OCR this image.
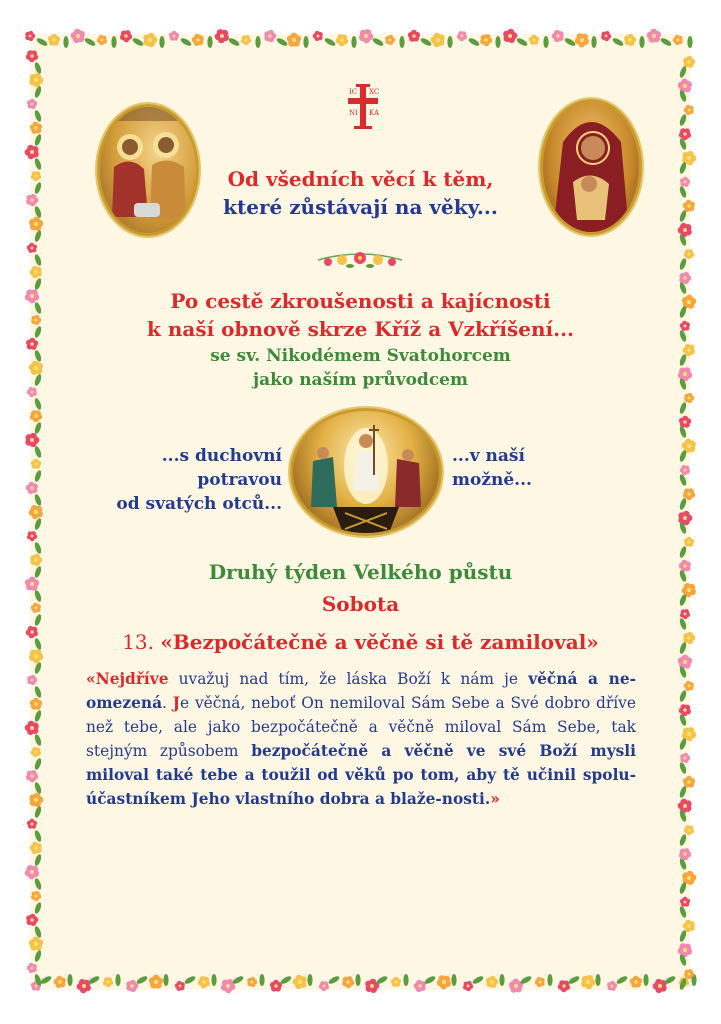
IC XC
NI KA
Od všedních věcí k těm,
které zůstávají na věky...
Po cestě zkroušenosti a kajícnosti
k naší obnově skrze Kříž a Vzkříšení...
se sv. Nikodémem Svatohorcem
jako naším průvodcem
...s duchovní
potravou
od svatých otců...
...v naší
možně...
Druhý týden Velkého půstu
Sobota
13. «Bezpočátečně a věčně si tě zamiloval»
«Nejdříve uvažuj nad tím, že láska Boží k nám je věčná a ne-omezená. Je věčná, neboť On nemiloval Sám Sebe a Své dobro dříve než tebe, ale jako bezpočátečně a věčně miloval Sám Sebe, tak stejným způsobem bezpočátečně a věčně ve své Boží mysli miloval také tebe a toužil od věků po tom, aby tě učinil spolu-účastníkem Jeho vlastního dobra a blaže-nosti.»
